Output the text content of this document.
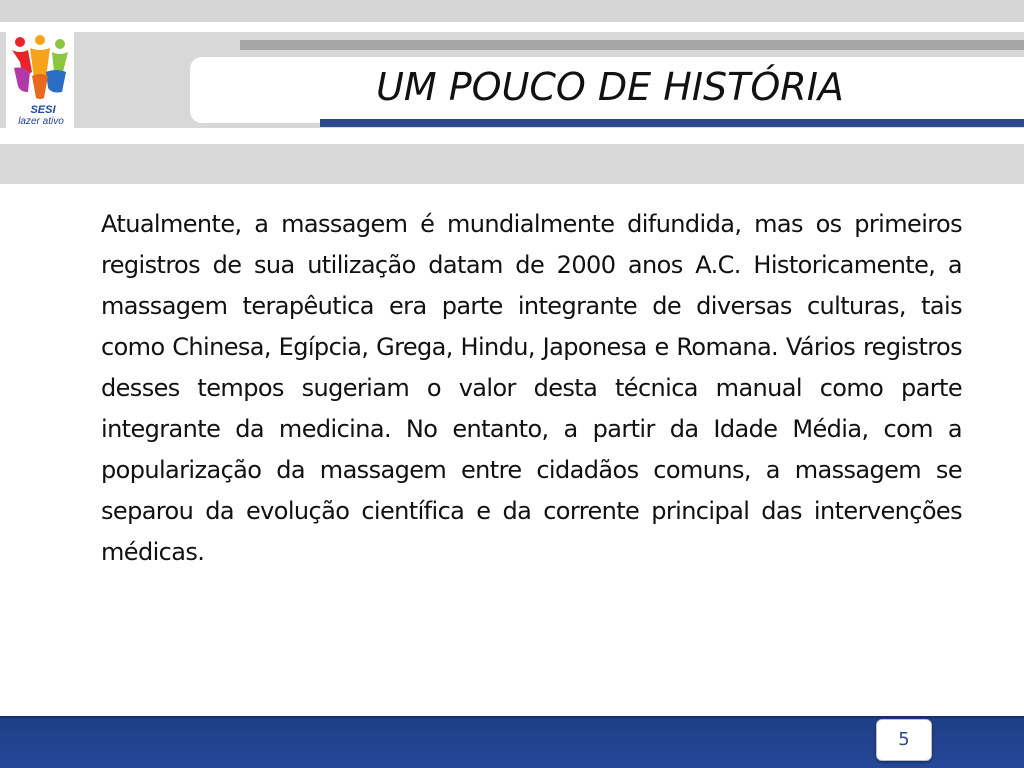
UM POUCO DE HISTÓRIA
SESI
lazer ativo
Atualmente, a massagem é mundialmente difundida, mas os primeiros registros de sua utilização datam de 2000 anos A.C. Historicamente, a massagem terapêutica era parte integrante de diversas culturas, tais como Chinesa, Egípcia, Grega, Hindu, Japonesa e Romana. Vários registros desses tempos sugeriam o valor desta técnica manual como parte integrante da medicina. No entanto, a partir da Idade Média, com a popularização da massagem entre cidadãos comuns, a massagem se separou da evolução científica e da corrente principal das intervenções médicas.
5
